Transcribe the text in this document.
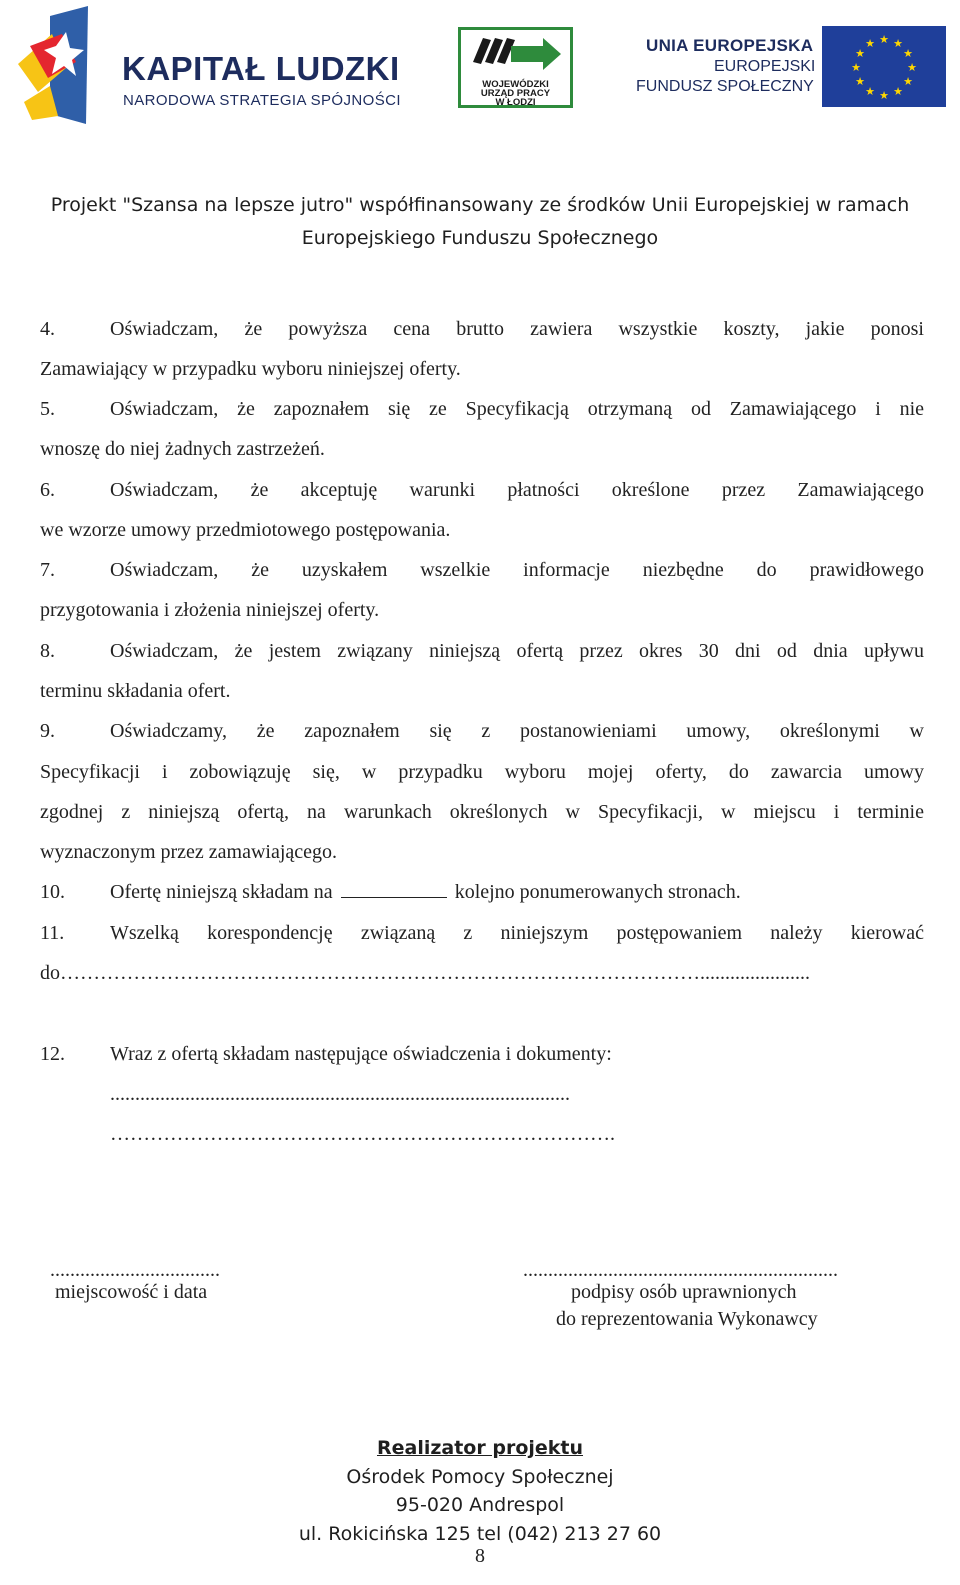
KAPITAŁ LUDZKI
NARODOWA STRATEGIA SPÓJNOŚCI
WOJEWÓDZKI
URZĄD PRACY
W ŁODZI
UNIA EUROPEJSKA
EUROPEJSKI
FUNDUSZ SPOŁECZNY
★ ★
★
★
★
★
★
★
★
★
★
★
Projekt "Szansa na lepsze jutro" współfinansowany ze środków Unii Europejskiej w ramach
Europejskiego Funduszu Społecznego
4.	Oświadczam, że powyższa cena brutto zawiera wszystkie koszty, jakie ponosi
Zamawiający w przypadku wyboru niniejszej oferty.
5.	Oświadczam, że zapoznałem się ze Specyfikacją otrzymaną od Zamawiającego i nie
wnoszę do niej żadnych zastrzeżeń.
6.	Oświadczam, że akceptuję warunki płatności określone przez Zamawiającego
we wzorze umowy przedmiotowego postępowania.
7.	Oświadczam, że uzyskałem wszelkie informacje niezbędne do prawidłowego
przygotowania i złożenia niniejszej oferty.
8.	Oświadczam, że jestem związany niniejszą ofertą przez okres 30 dni od dnia upływu
terminu składania ofert.
9.	Oświadczamy, że zapoznałem się z postanowieniami umowy, określonymi w
Specyfikacji i zobowiązuję się, w przypadku wyboru mojej oferty, do zawarcia umowy
zgodnej z niniejszą ofertą, na warunkach określonych w Specyfikacji, w miejscu i terminie
wyznaczonym przez zamawiającego.
10. Ofertę niniejszą składam na	kolejno ponumerowanych stronach.
11. Wszelką korespondencję związaną z niniejszym postępowaniem należy kierować
do……………………………………………………………………………………......................
12. Wraz z ofertą składam następujące oświadczenia i dokumenty:
............................................................................................
………………………………………………………………….
..................................
miejscowość i data
...............................................................
podpisy osób uprawnionych
do reprezentowania Wykonawcy
Realizator projektu
Ośrodek Pomocy Społecznej
95-020 Andrespol
ul. Rokicińska 125 tel (042) 213 27 60
8
